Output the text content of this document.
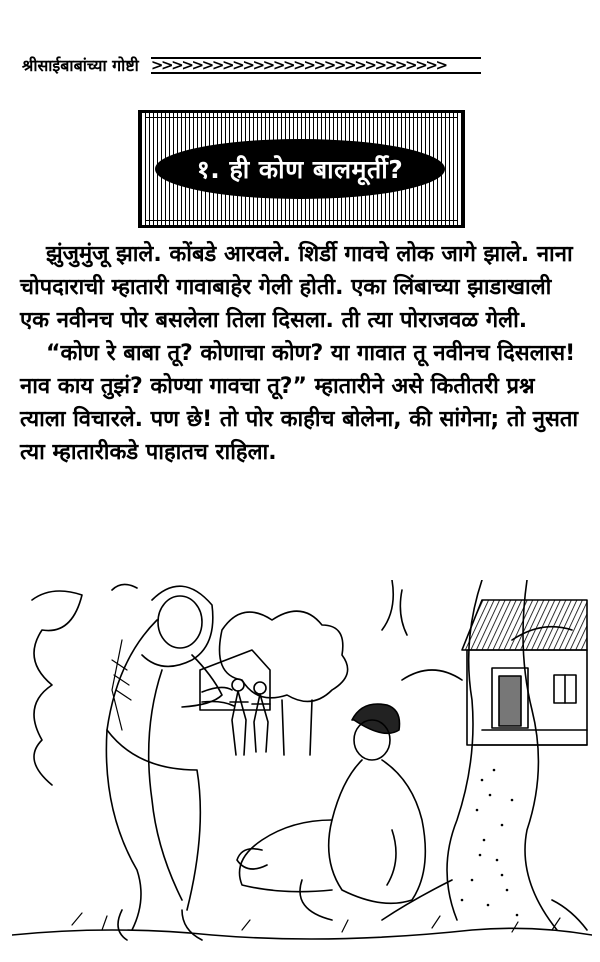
श्रीसाईबाबांच्या गोष्टी >>>>>>>>>>>>>>>>>>>>>>>>>>>>>
१. ही कोण बालमूर्ती?

झुंजुमुंजू झाले. कोंबडे आरवले. शिर्डी गावचे लोक जागे झाले. नाना चोपदाराची म्हातारी गावाबाहेर गेली होती. एका लिंबाच्या झाडाखाली एक नवीनच पोर बसलेला तिला दिसला. ती त्या पोराजवळ गेली.

“कोण रे बाबा तू? कोणाचा कोण? या गावात तू नवीनच दिसलास! नाव काय तुझं? कोण्या गावचा तू?” म्हातारीने असे कितीतरी प्रश्न त्याला विचारले. पण छे! तो पोर काहीच बोलेना, की सांगेना; तो नुसता त्या म्हातारीकडे पाहातच राहिला.
